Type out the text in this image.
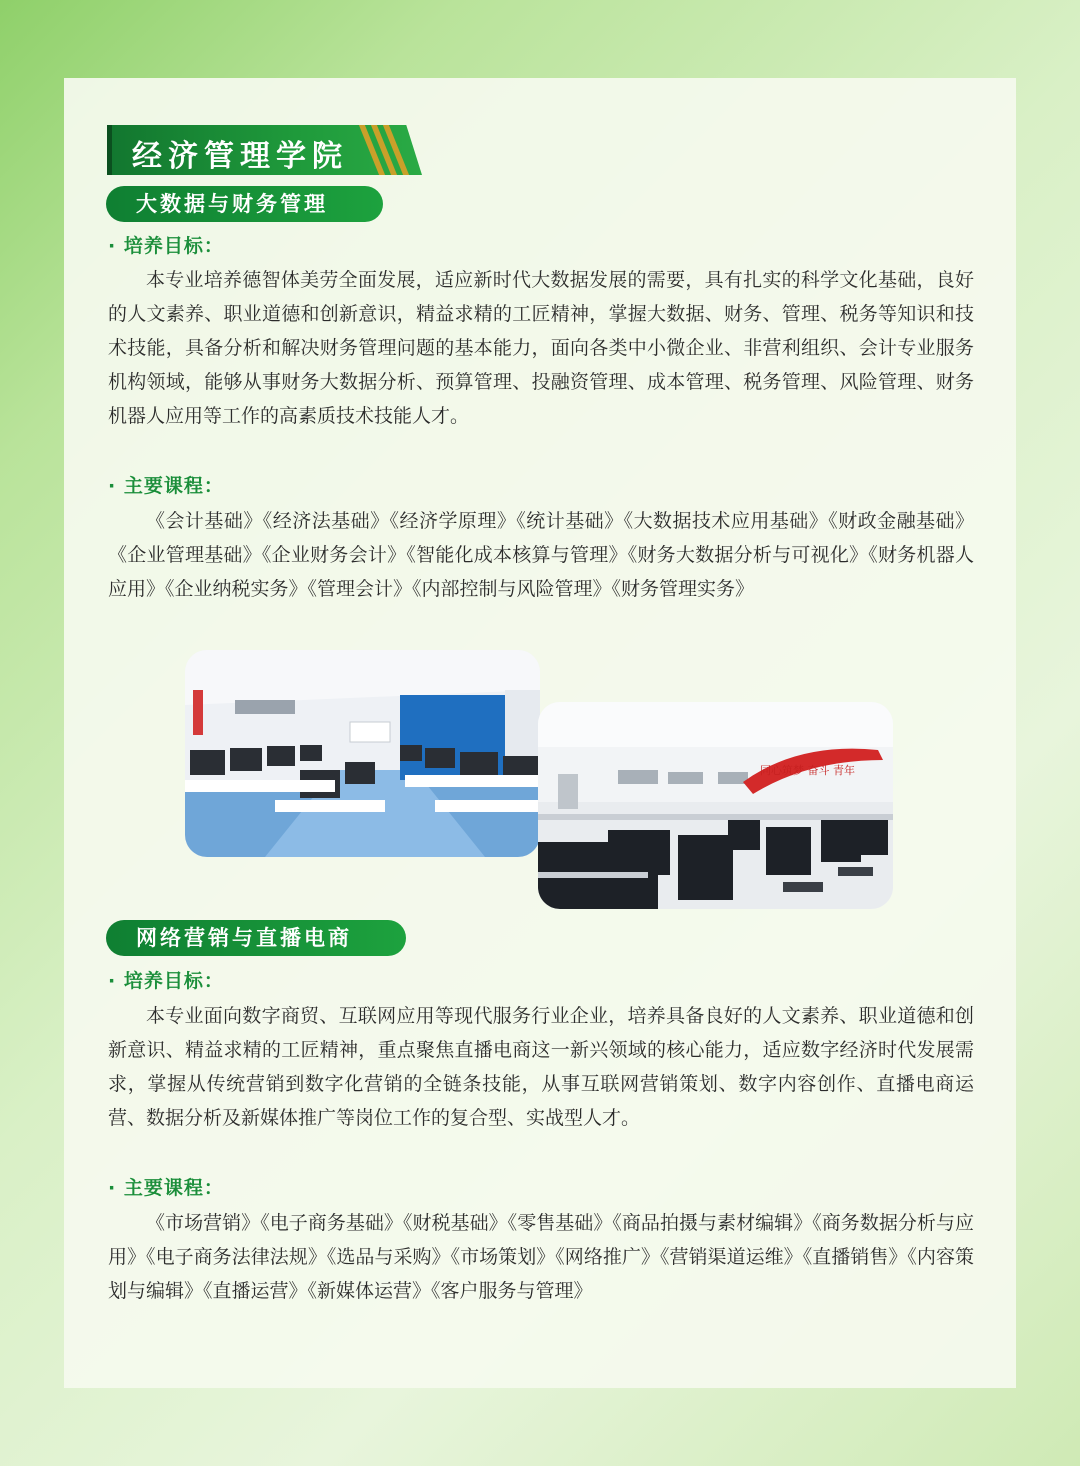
经济管理学院
大数据与财务管理
· 培养目标：

本专业培养德智体美劳全面发展，适应新时代大数据发展的需要，具有扎实的科学文化基础，良好的人文素养、职业道德和创新意识，精益求精的工匠精神，掌握大数据、财务、管理、税务等知识和技术技能，具备分析和解决财务管理问题的基本能力，面向各类中小微企业、非营利组织、会计专业服务机构领域，能够从事财务大数据分析、预算管理、投融资管理、成本管理、税务管理、风险管理、财务机器人应用等工作的高素质技术技能人才。

· 主要课程：

《会计基础》《经济法基础》《经济学原理》《统计基础》《大数据技术应用基础》《财政金融基础》《企业管理基础》《企业财务会计》《智能化成本核算与管理》《财务大数据分析与可视化》《财务机器人应用》《企业纳税实务》《管理会计》《内部控制与风险管理》《财务管理实务》

同心筑梦 奋斗 青年
网络营销与直播电商
· 培养目标：

本专业面向数字商贸、互联网应用等现代服务行业企业，培养具备良好的人文素养、职业道德和创新意识、精益求精的工匠精神，重点聚焦直播电商这一新兴领域的核心能力，适应数字经济时代发展需求，掌握从传统营销到数字化营销的全链条技能，从事互联网营销策划、数字内容创作、直播电商运营、数据分析及新媒体推广等岗位工作的复合型、实战型人才。

· 主要课程：

《市场营销》《电子商务基础》《财税基础》《零售基础》《商品拍摄与素材编辑》《商务数据分析与应用》《电子商务法律法规》《选品与采购》《市场策划》《网络推广》《营销渠道运维》《直播销售》《内容策划与编辑》《直播运营》《新媒体运营》《客户服务与管理》
